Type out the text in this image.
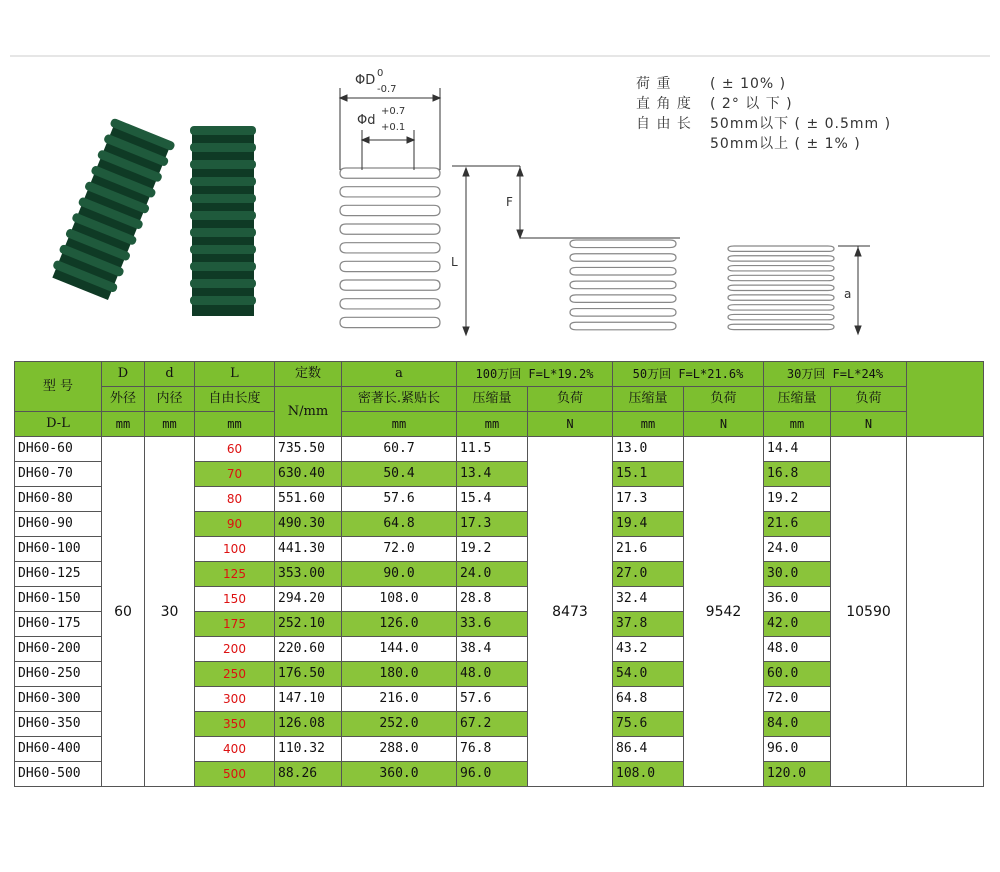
ΦD 0
-0.7
Φd
+0.7
+0.1
F
L
a
荷 重	( ± 10% )
直 角 度 ( 2° 以 下 )
自 由 长 50mm以下 ( ± 0.5mm )
50mm以上 ( ± 1% )
型 号	D	d	L	定数	a	100万回 F=L*19.2%		50万回 F=L*21.6%		30万回 F=L*24%		
	外径	内径	自由长度	N/mm	密著长.紧贴长	压缩量	负荷	压缩量	负荷	压缩量	负荷	
D-L	mm	mm	mm		mm	mm	N	mm	N	mm	N	
DH60-60	60	30	60	735.50	60.7	11.5	8473	13.0	9542	14.4	10590	
DH60-70			70	630.40	50.4	13.4		15.1		16.8		
DH60-80			80	551.60	57.6	15.4		17.3		19.2		
DH60-90			90	490.30	64.8	17.3		19.4		21.6		
DH60-100			100	441.30	72.0	19.2		21.6		24.0		
DH60-125			125	353.00	90.0	24.0		27.0		30.0		
DH60-150			150	294.20	108.0	28.8		32.4		36.0		
DH60-175			175	252.10	126.0	33.6		37.8		42.0		
DH60-200			200	220.60	144.0	38.4		43.2		48.0		
DH60-250			250	176.50	180.0	48.0		54.0		60.0		
DH60-300			300	147.10	216.0	57.6		64.8		72.0		
DH60-350			350	126.08	252.0	67.2		75.6		84.0		
DH60-400			400	110.32	288.0	76.8		86.4		96.0		
DH60-500			500	88.26	360.0	96.0		108.0		120.0		
